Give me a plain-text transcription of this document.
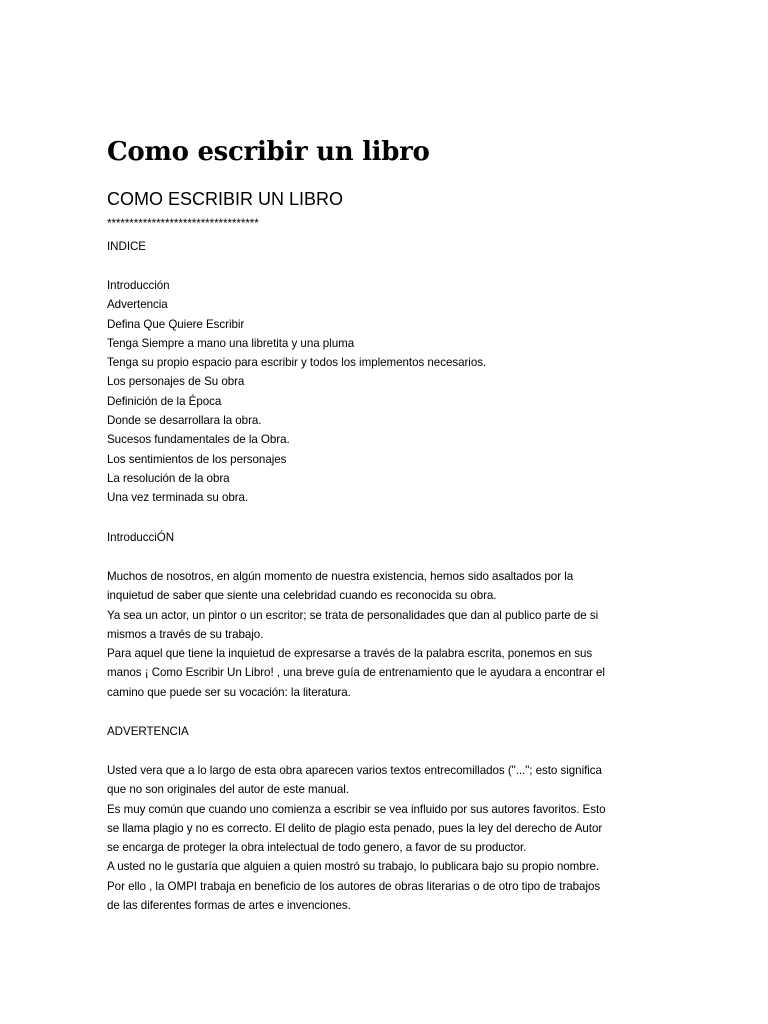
Como escribir un libro
COMO ESCRIBIR UN LIBRO
**********************************
INDICE
Introducción
Advertencia
Defina Que Quiere Escribir
Tenga Siempre a mano una libretita y una pluma
Tenga su propio espacio para escribir y todos los implementos necesarios.
Los personajes de Su obra
Definición de la Época
Donde se desarrollara la obra.
Sucesos fundamentales de la Obra.
Los sentimientos de los personajes
La resolución de la obra
Una vez terminada su obra.
IntroducciÓN
Muchos de nosotros, en algún momento de nuestra existencia, hemos sido asaltados por la
inquietud de saber que siente una celebridad cuando es reconocida su obra.
Ya sea un actor, un pintor o un escritor; se trata de personalidades que dan al publico parte de si
mismos a través de su trabajo.
Para aquel que tiene la inquietud de expresarse a través de la palabra escrita, ponemos en sus
manos ¡ Como Escribir Un Libro! , una breve guía de entrenamiento que le ayudara a encontrar el
camino que puede ser su vocación: la literatura.
ADVERTENCIA
Usted vera que a lo largo de esta obra aparecen varios textos entrecomillados ("..."; esto significa
que no son originales del autor de este manual.
Es muy común que cuando uno comienza a escribir se vea influido por sus autores favoritos. Esto
se llama plagio y no es correcto. El delito de plagio esta penado, pues la ley del derecho de Autor
se encarga de proteger la obra intelectual de todo genero, a favor de su productor.
A usted no le gustaría que alguien a quien mostró su trabajo, lo publicara bajo su propio nombre.
Por ello , la OMPI trabaja en beneficio de los autores de obras literarias o de otro tipo de trabajos
de las diferentes formas de artes e invenciones.
